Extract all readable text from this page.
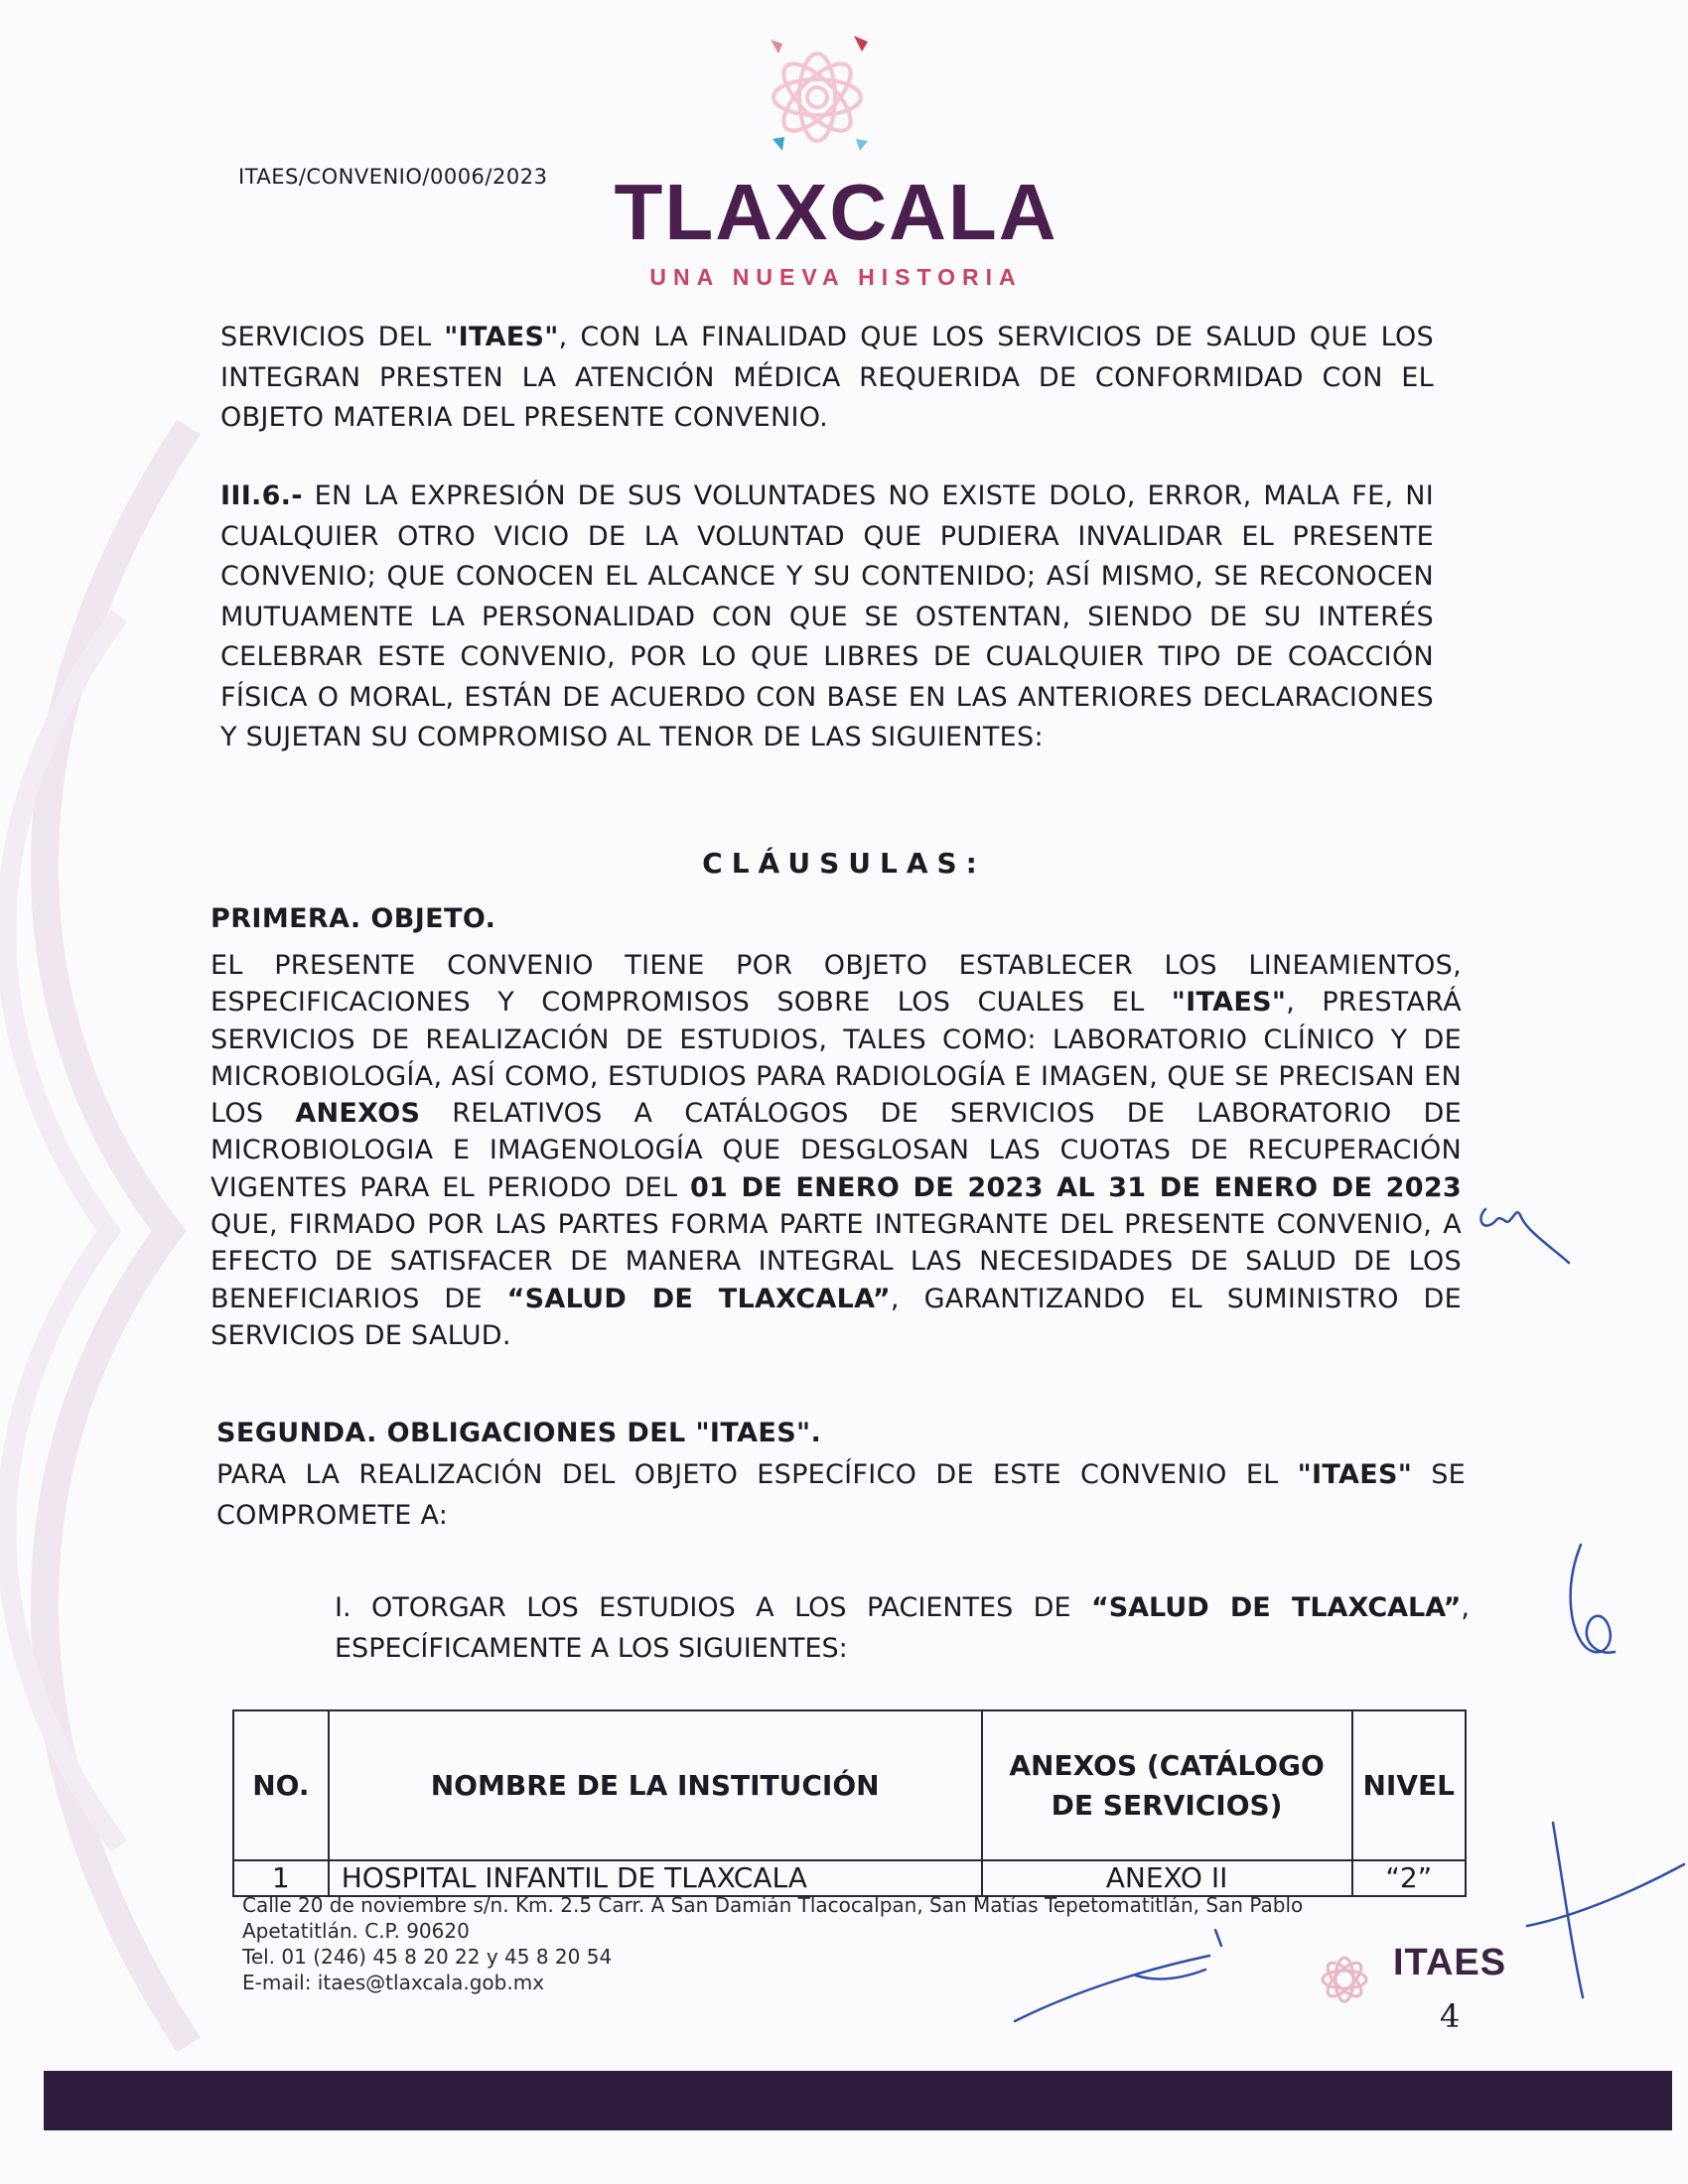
ITAES/CONVENIO/0006/2023 TLAXCALA
UNA NUEVA HISTORIA

SERVICIOS DEL "ITAES", CON LA FINALIDAD QUE LOS SERVICIOS DE SALUD QUE LOS INTEGRAN PRESTEN LA ATENCIÓN MÉDICA REQUERIDA DE CONFORMIDAD CON EL OBJETO MATERIA DEL PRESENTE CONVENIO.

III.6.- EN LA EXPRESIÓN DE SUS VOLUNTADES NO EXISTE DOLO, ERROR, MALA FE, NI CUALQUIER OTRO VICIO DE LA VOLUNTAD QUE PUDIERA INVALIDAR EL PRESENTE CONVENIO; QUE CONOCEN EL ALCANCE Y SU CONTENIDO; ASÍ MISMO, SE RECONOCEN MUTUAMENTE LA PERSONALIDAD CON QUE SE OSTENTAN, SIENDO DE SU INTERÉS CELEBRAR ESTE CONVENIO, POR LO QUE LIBRES DE CUALQUIER TIPO DE COACCIÓN FÍSICA O MORAL, ESTÁN DE ACUERDO CON BASE EN LAS ANTERIORES DECLARACIONES Y SUJETAN SU COMPROMISO AL TENOR DE LAS SIGUIENTES:

CLÁUSULAS:
PRIMERA. OBJETO.

EL PRESENTE CONVENIO TIENE POR OBJETO ESTABLECER LOS LINEAMIENTOS, ESPECIFICACIONES Y COMPROMISOS SOBRE LOS CUALES EL "ITAES", PRESTARÁ SERVICIOS DE REALIZACIÓN DE ESTUDIOS, TALES COMO: LABORATORIO CLÍNICO Y DE MICROBIOLOGÍA, ASÍ COMO, ESTUDIOS PARA RADIOLOGÍA E IMAGEN, QUE SE PRECISAN EN LOS ANEXOS RELATIVOS A CATÁLOGOS DE SERVICIOS DE LABORATORIO DE MICROBIOLOGIA E IMAGENOLOGÍA QUE DESGLOSAN LAS CUOTAS DE RECUPERACIÓN VIGENTES PARA EL PERIODO DEL 01 DE ENERO DE 2023 AL 31 DE ENERO DE 2023 QUE, FIRMADO POR LAS PARTES FORMA PARTE INTEGRANTE DEL PRESENTE CONVENIO, A EFECTO DE SATISFACER DE MANERA INTEGRAL LAS NECESIDADES DE SALUD DE LOS BENEFICIARIOS DE “SALUD DE TLAXCALA”, GARANTIZANDO EL SUMINISTRO DE SERVICIOS DE SALUD.

SEGUNDA. OBLIGACIONES DEL "ITAES".

PARA LA REALIZACIÓN DEL OBJETO ESPECÍFICO DE ESTE CONVENIO EL "ITAES" SE COMPROMETE A:

I. OTORGAR LOS ESTUDIOS A LOS PACIENTES DE “SALUD DE TLAXCALA”, ESPECÍFICAMENTE A LOS SIGUIENTES:

NO.	NOMBRE DE LA INSTITUCIÓN	ANEXOS (CATÁLOGO DE SERVICIOS)	NIVEL
1	HOSPITAL INFANTIL DE TLAXCALA	ANEXO II	“2”
Calle 20 de noviembre s/n. Km. 2.5 Carr. A San Damián Tlacocalpan, San Matías Tepetomatitlán, San Pablo
Apetatitlán. C.P. 90620
Tel. 01 (246) 45 8 20 22 y 45 8 20 54
E-mail: itaes@tlaxcala.gob.mx	ITAES
4
